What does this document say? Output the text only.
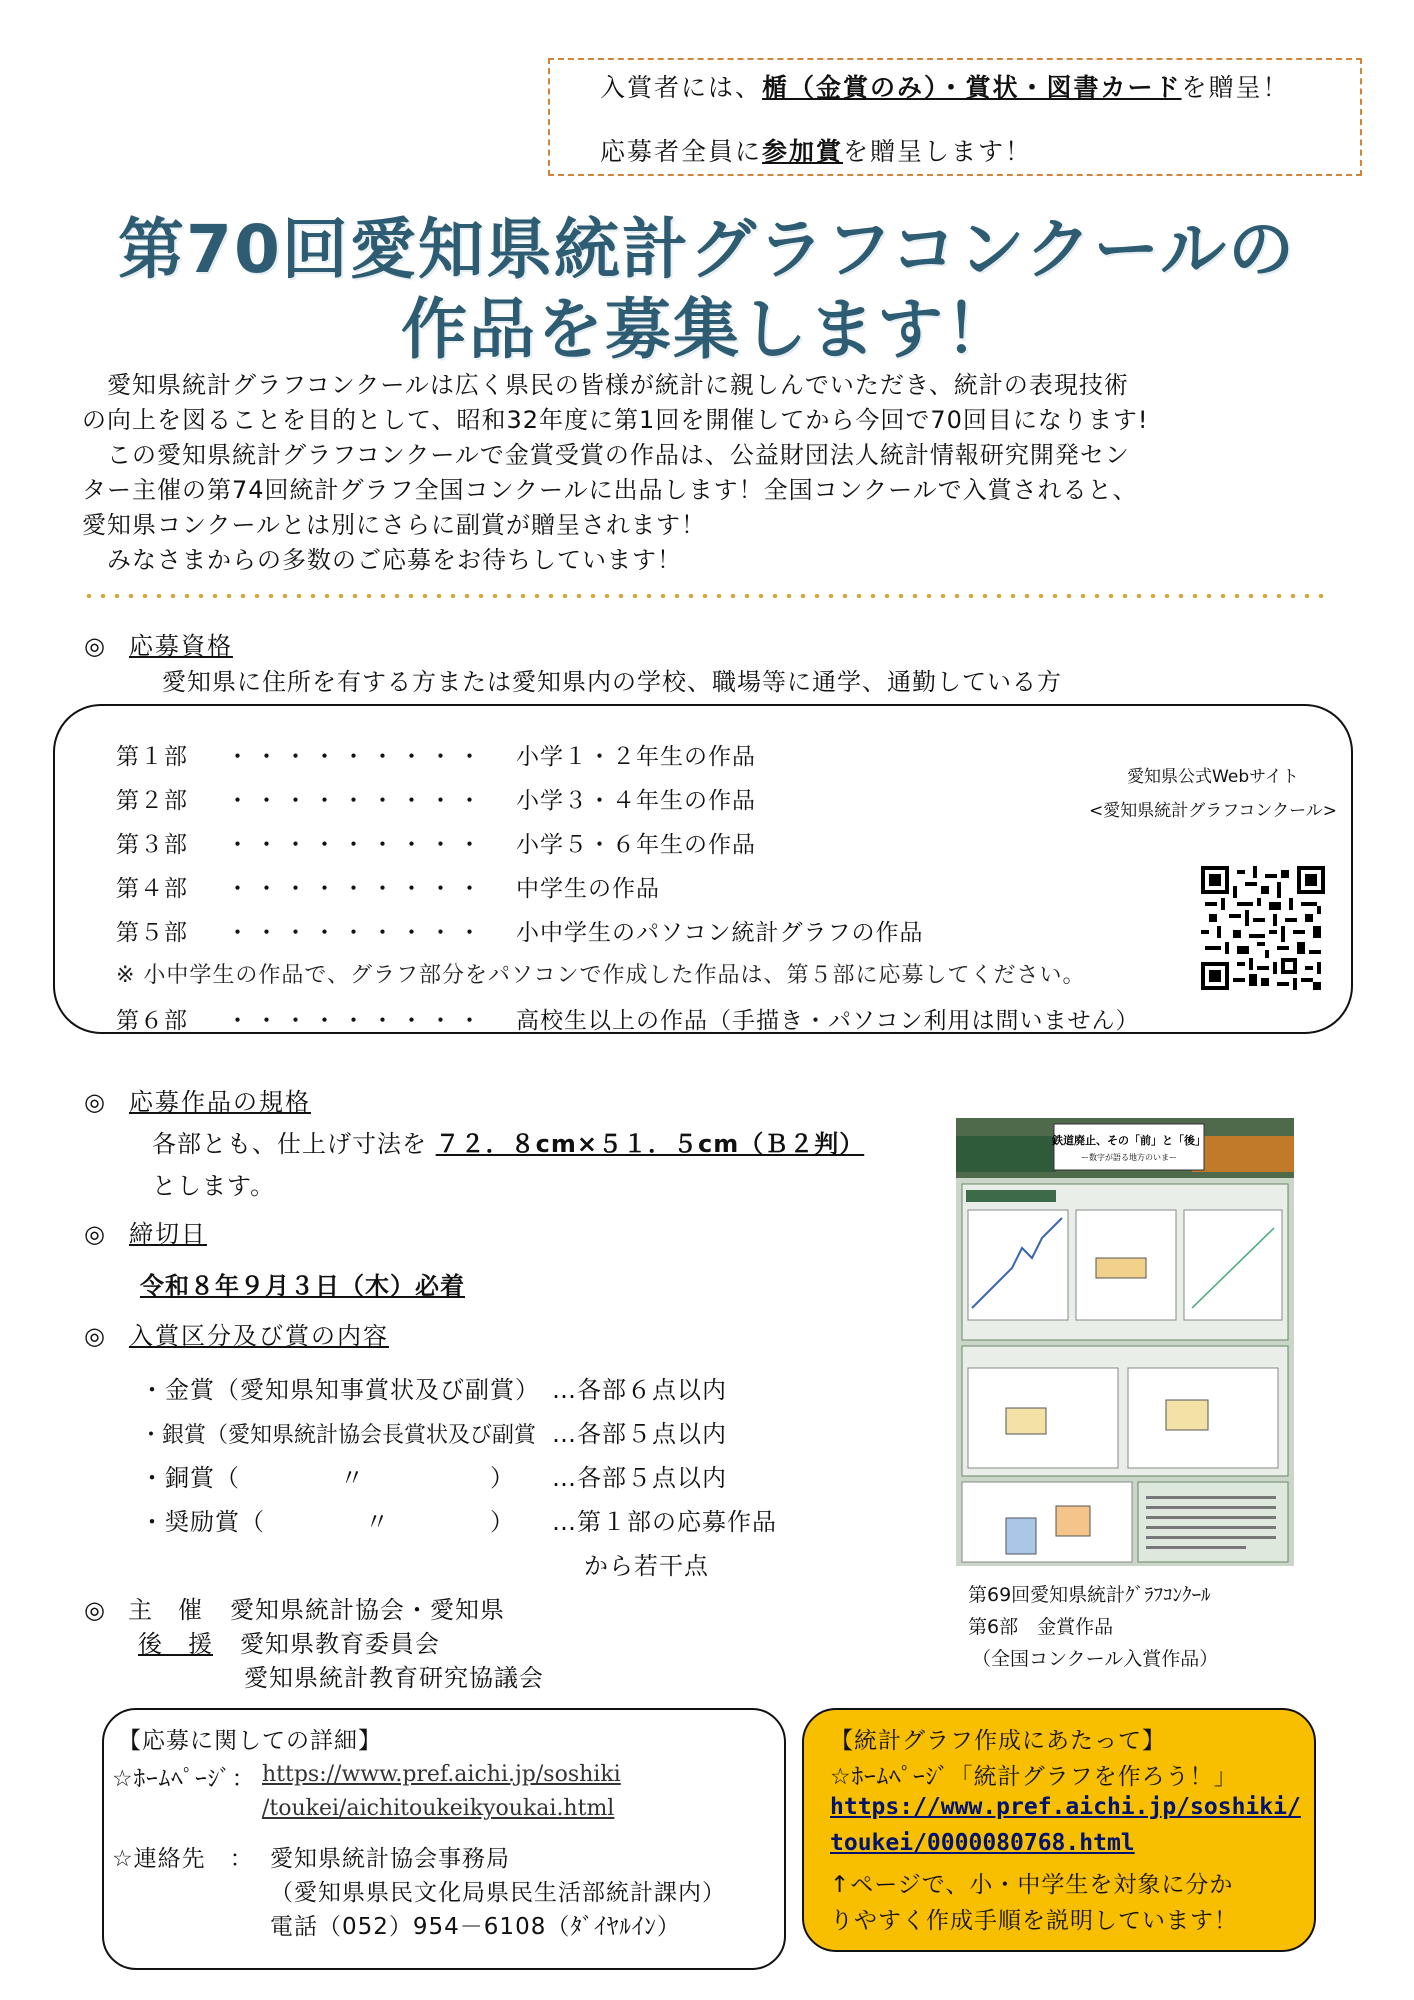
入賞者には、楯（金賞のみ）・賞状・図書カードを贈呈！
応募者全員に参加賞を贈呈します！
第70回愛知県統計グラフコンクールの
作品を募集します！

　愛知県統計グラフコンクールは広く県民の皆様が統計に親しんでいただき、統計の表現技術

の向上を図ることを目的として、昭和32年度に第1回を開催してから今回で70回目になります!

　この愛知県統計グラフコンクールで金賞受賞の作品は、公益財団法人統計情報研究開発セン

ター主催の第74回統計グラフ全国コンクールに出品します！全国コンクールで入賞されると、

愛知県コンクールとは別にさらに副賞が贈呈されます！

　みなさまからの多数のご応募をお待ちしています！

◎ 応募資格
愛知県に住所を有する方または愛知県内の学校、職場等に通学、通勤している方
第１部 ・・・・・・・・・ 小学１・２年生の作品
第２部 ・・・・・・・・・ 小学３・４年生の作品
第３部 ・・・・・・・・・ 小学５・６年生の作品
第４部 ・・・・・・・・・ 中学生の作品
第５部 ・・・・・・・・・ 小中学生のパソコン統計グラフの作品
※ 小中学生の作品で、グラフ部分をパソコンで作成した作品は、第５部に応募してください。
第６部 ・・・・・・・・・ 高校生以上の作品（手描き・パソコン利用は問いません）
愛知県公式Webサイト
<愛知県統計グラフコンクール>
◎ 応募作品の規格
各部とも、仕上げ寸法を ７２．８cm×５１．５cm（Ｂ２判）
とします。
◎ 締切日
令和８年９月３日（木）必着
◎ 入賞区分及び賞の内容
・金賞（愛知県知事賞状及び副賞） …各部６点以内
・銀賞（愛知県統計協会長賞状及び副賞 …各部５点以内
・銅賞（　　　　〃　　　　　） …各部５点以内
・奨励賞（　　　　〃　　　　） …第１部の応募作品
から若干点
◎ 主　催 愛知県統計協会・愛知県
後　援 愛知県教育委員会
愛知県統計教育研究協議会
鉄道廃止、その「前」と「後」
ー数字が語る地方のいまー
第69回愛知県統計ｸﾞﾗﾌｺﾝｸｰﾙ
第6部　金賞作品
（全国コンクール入賞作品）
【応募に関しての詳細】
☆ﾎｰﾑﾍﾟｰｼﾞ： https://www.pref.aichi.jp/soshiki
/toukei/aichitoukeikyoukai.html
☆連絡先　： 愛知県統計協会事務局
（愛知県県民文化局県民生活部統計課内）
電話（052）954－6108（ﾀﾞｲﾔﾙｲﾝ）
【統計グラフ作成にあたって】
☆ﾎｰﾑﾍﾟｰｼﾞ「統計グラフを作ろう！」
https://www.pref.aichi.jp/soshiki/
toukei/0000080768.html
↑ページで、小・中学生を対象に分か
りやすく作成手順を説明しています！
